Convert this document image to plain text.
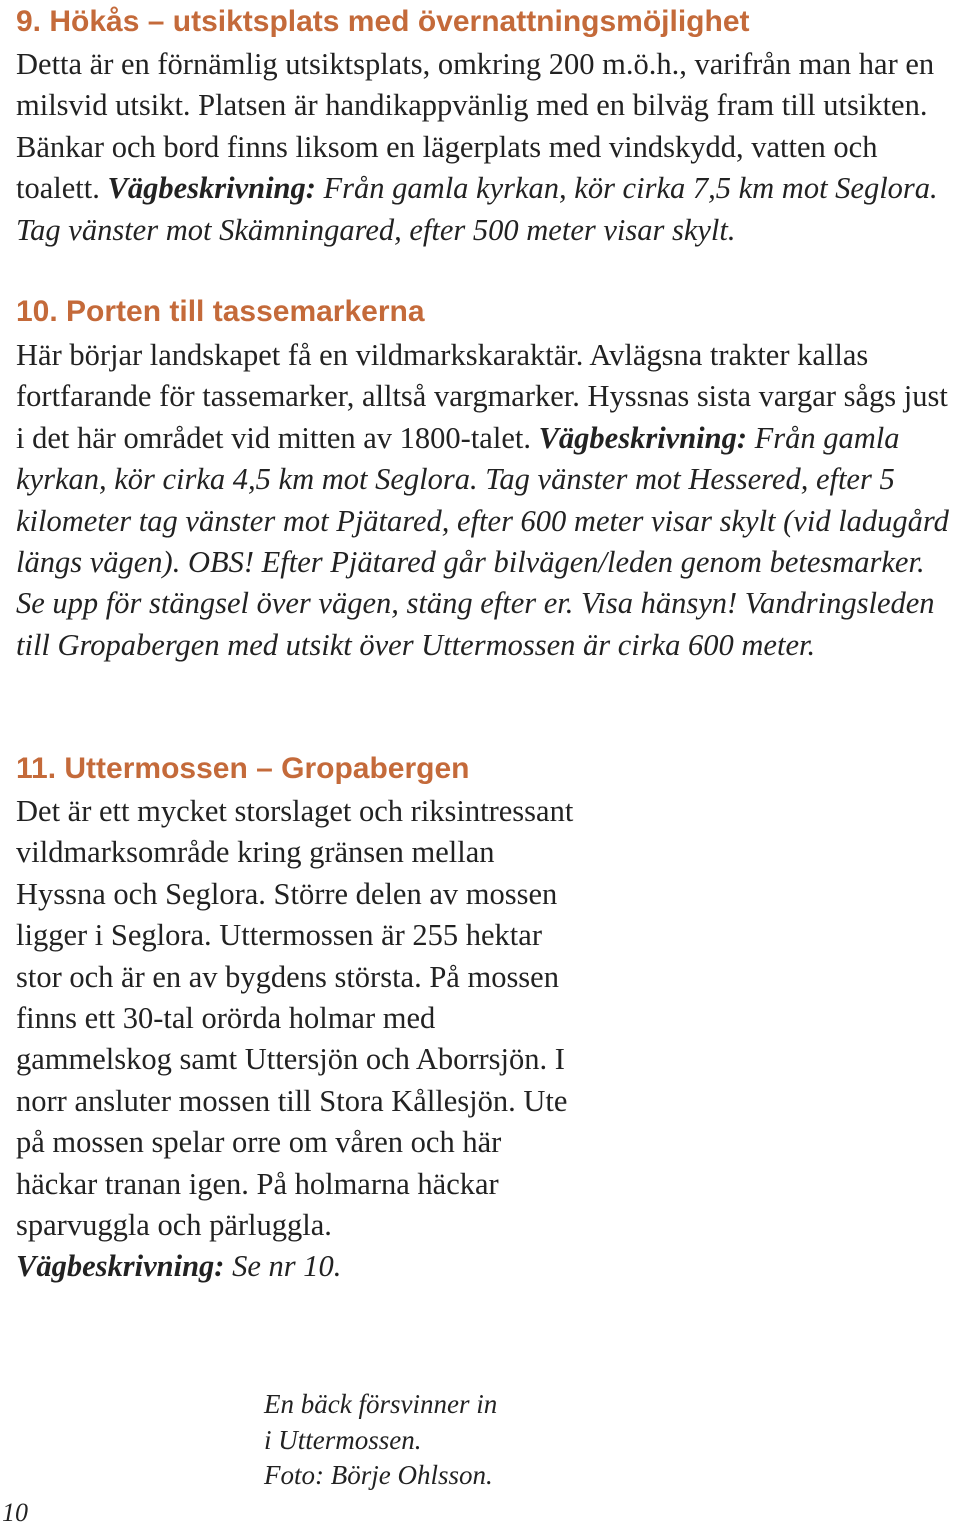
9. Hökås – utsiktsplats med övernattningsmöjlighet

Detta är en förnämlig utsiktsplats, omkring 200 m.ö.h., varifrån man har en milsvid utsikt. Platsen är handikappvänlig med en bilväg fram till utsikten. Bänkar och bord finns liksom en lägerplats med vindskydd, vatten och toalett. Vägbeskrivning: Från gamla kyrkan, kör cirka 7,5 km mot Seglora. Tag vänster mot Skämningared, efter 500 meter visar skylt.

10. Porten till tassemarkerna

Här börjar landskapet få en vildmarkskaraktär. Avlägsna trakter kallas fortfarande för tassemarker, alltså vargmarker. Hyssnas sista vargar sågs just i det här området vid mitten av 1800-talet. Vägbeskrivning: Från gamla kyrkan, kör cirka 4,5 km mot Seglora. Tag vänster mot Hessered, efter 5 kilometer tag vänster mot Pjätared, efter 600 meter visar skylt (vid ladugård längs vägen). OBS! Efter Pjätared går bilvägen/leden genom betesmarker. Se upp för stängsel över vägen, stäng efter er. Visa hänsyn! Vandringsleden till Gropabergen med utsikt över Uttermossen är cirka 600 meter.

11. Uttermossen – Gropabergen

Det är ett mycket storslaget och riksintressant vildmarksområde kring gränsen mellan Hyssna och Seglora. Större delen av mossen ligger i Seglora. Uttermossen är 255 hektar stor och är en av bygdens största. På mossen finns ett 30-tal orörda holmar med gammelskog samt Uttersjön och Aborrsjön. I norr ansluter mossen till Stora Kållesjön. Ute på mossen spelar orre om våren och här häckar tranan igen. På holmarna häckar sparvuggla och pärluggla.
Vägbeskrivning: Se nr 10.

En bäck försvinner in
i Uttermossen.
Foto: Börje Ohlsson.

10
